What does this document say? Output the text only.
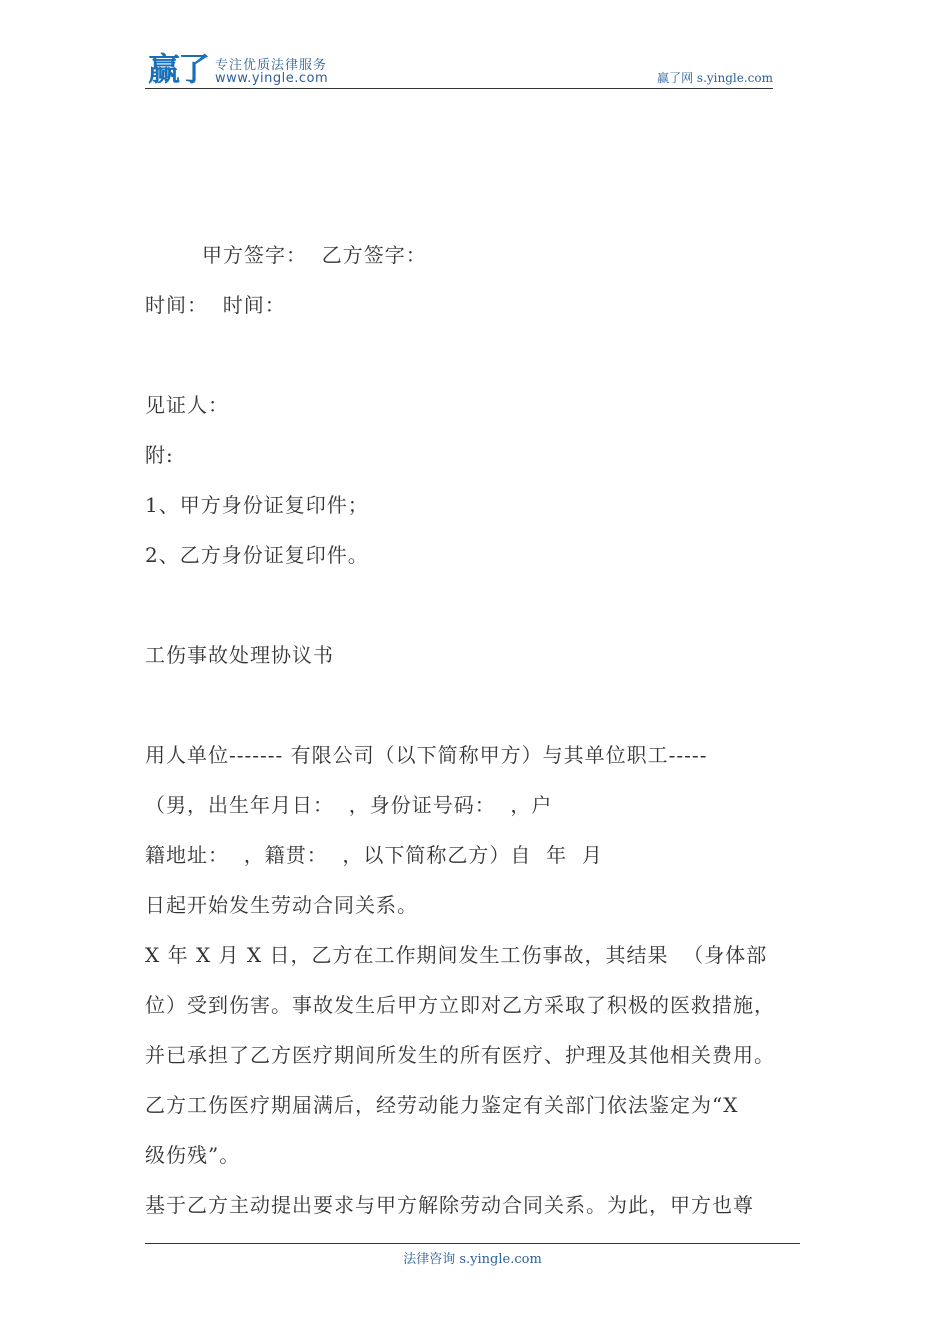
赢了 专注优质法律服务
www.yingle.com	赢了网 s.yingle.com

甲方签字：  乙方签字：

时间：  时间：

见证人：

附:

1、甲方身份证复印件；

2、乙方身份证复印件。

工伤事故处理协议书

用人单位------- 有限公司（以下简称甲方）与其单位职工-----

（男，出生年月日：  ，身份证号码：  ，户

籍地址：  ，籍贯：  ，以下简称乙方）自  年  月

日起开始发生劳动合同关系。

X 年 X 月 X 日，乙方在工作期间发生工伤事故，其结果  （身体部

位）受到伤害。事故发生后甲方立即对乙方采取了积极的医救措施，

并已承担了乙方医疗期间所发生的所有医疗、护理及其他相关费用。

乙方工伤医疗期届满后，经劳动能力鉴定有关部门依法鉴定为“X

级伤残”。

基于乙方主动提出要求与甲方解除劳动合同关系。为此，甲方也尊

法律咨询 s.yingle.com
